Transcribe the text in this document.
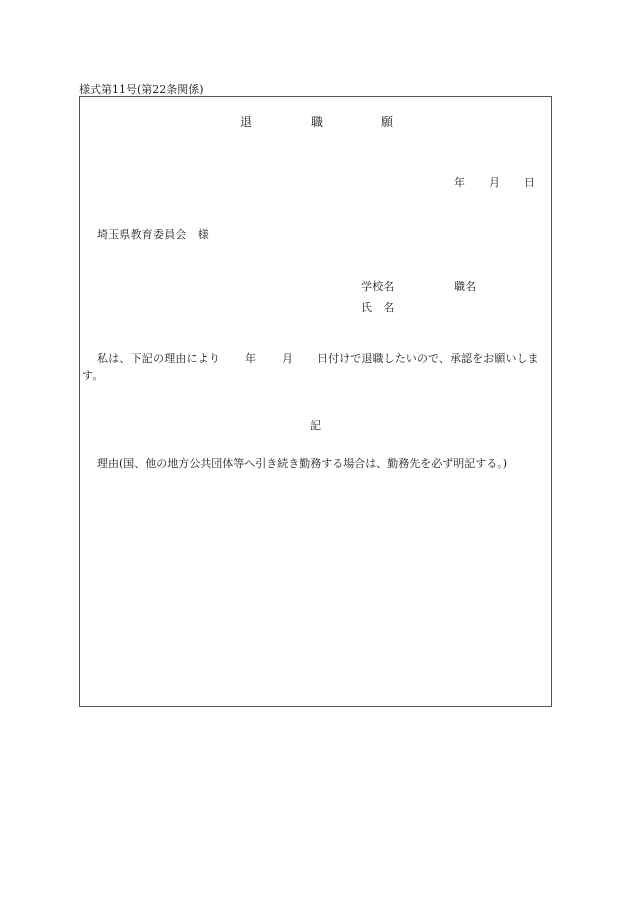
様式第11号(第22条関係)
退	職	願
年 月 日
埼玉県教育委員会　様
学校名	職名
氏　名
私は、下記の理由により 年 月 日付けで退職したいので、承認をお願いしま
す。
記
理由(国、他の地方公共団体等へ引き続き勤務する場合は、勤務先を必ず明記する。)
